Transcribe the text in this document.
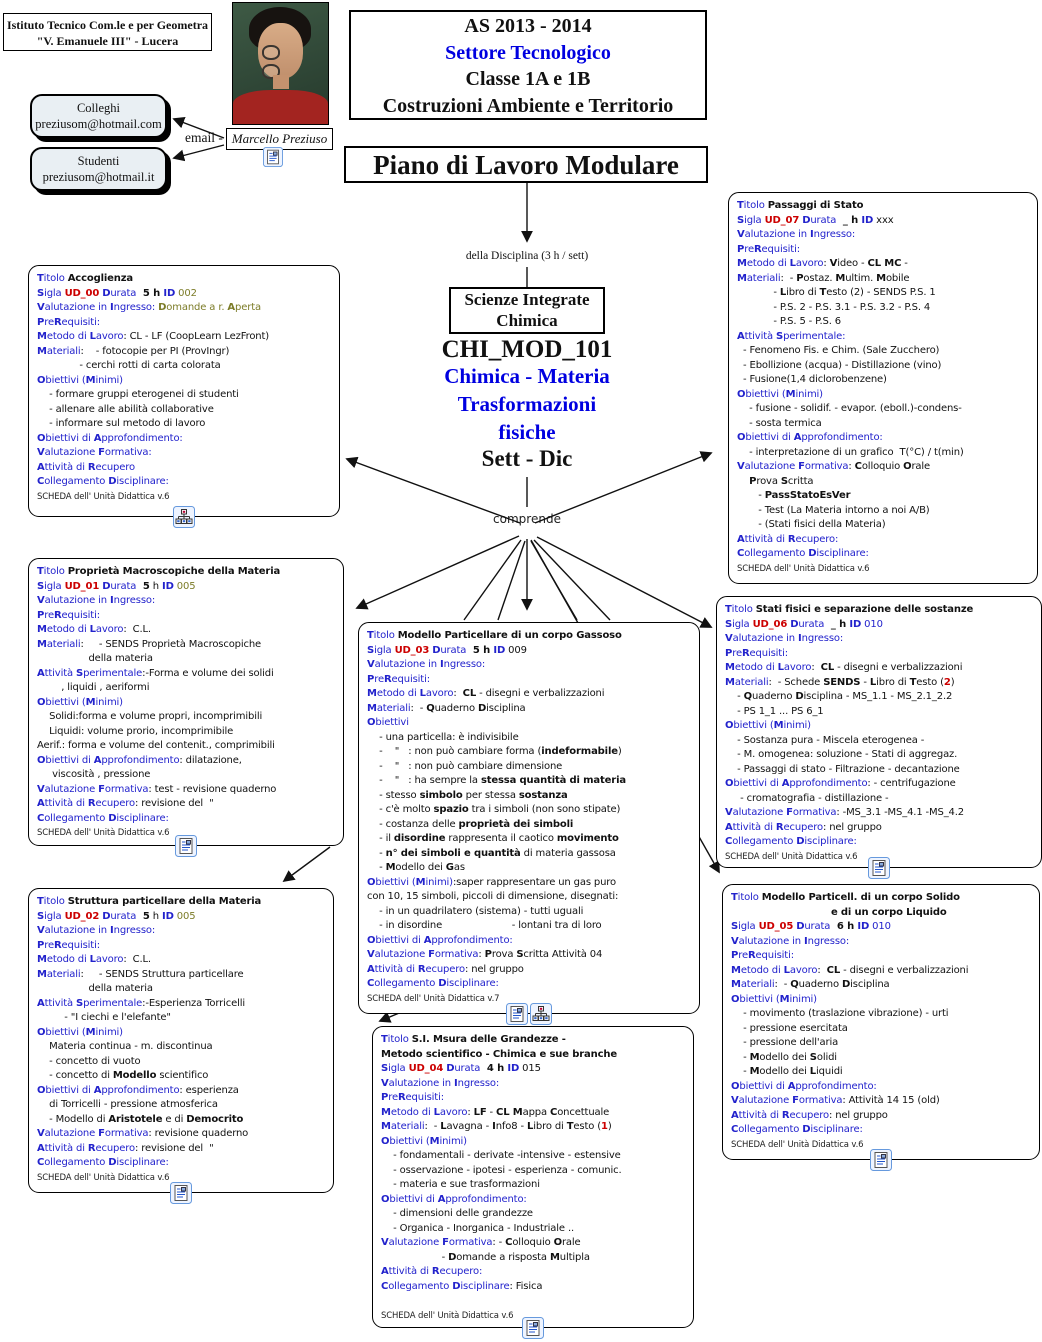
Istituto Tecnico Com.le e per Geometra
"V. Emanuele III" - Lucera
Colleghi
preziusom@hotmail.com
Studenti
preziusom@hotmail.it
email - Marcello Preziuso
AS 2013 - 2014
Settore Tecnologico
Classe 1A e 1B
Costruzioni Ambiente e Territorio
Piano di Lavoro Modulare
della Disciplina (3 h / sett)
Scienze Integrate
Chimica
CHI_MOD_101
Chimica - Materia
Trasformazioni
fisiche
Sett - Dic
comprende
Titolo Accoglienza
Sigla UD_00 Durata  5 h ID 002
Valutazione in Ingresso: Domande a r. Aperta
PreRequisiti:
Metodo di Lavoro: CL - LF (CoopLearn LezFront)
Materiali:    - fotocopie per PI (ProvIngr)
- cerchi rotti di carta colorata
Obiettivi (Minimi)
- formare gruppi eterogenei di studenti
- allenare alle abilità collaborative
- informare sul metodo di lavoro
Obiettivi di Approfondimento:
Valutazione Formativa:
Attività di Recupero
Collegamento Disciplinare:
SCHEDA dell' Unità Didattica v.6
Titolo Proprietà Macroscopiche della Materia
Sigla UD_01 Durata  5 h ID 005
Valutazione in Ingresso:
PreRequisiti:
Metodo di Lavoro:  C.L.
Materiali:     - SENDS Proprietà Macroscopiche
della materia
Attività Sperimentale:-Forma e volume dei solidi
, liquidi , aeriformi
Obiettivi (Minimi)
Solidi:forma e volume propri, incomprimibili
Liquidi: volume prorio, incomprimibile
Aerif.: forma e volume del contenit., comprimibili
Obiettivi di Approfondimento: dilatazione,
viscosità , pressione
Valutazione Formativa: test - revisione quaderno
Attività di Recupero: revisione del  "
Collegamento Disciplinare:
SCHEDA dell' Unità Didattica v.6
Titolo Struttura particellare della Materia
Sigla UD_02 Durata  5 h ID 005
Valutazione in Ingresso:
PreRequisiti:
Metodo di Lavoro:  C.L.
Materiali:     - SENDS Struttura particellare
della materia
Attività Sperimentale:-Esperienza Torricelli
- "I ciechi e l'elefante"
Obiettivi (Minimi)
Materia continua - m. discontinua
- concetto di vuoto
- concetto di Modello scientifico
Obiettivi di Approfondimento: esperienza
di Torricelli - pressione atmosferica
- Modello di Aristotele e di Democrito
Valutazione Formativa: revisione quaderno
Attività di Recupero: revisione del  "
Collegamento Disciplinare:
SCHEDA dell' Unità Didattica v.6
Titolo Modello Particellare di un corpo Gassoso
Sigla UD_03 Durata  5 h ID 009
Valutazione in Ingresso:
PreRequisiti:
Metodo di Lavoro:  CL - disegni e verbalizzazioni
Materiali:  - Quaderno Disciplina
Obiettivi
- una particella: è indivisibile
-    "   : non può cambiare forma (indeformabile)
-    "   : non può cambiare dimensione
-    "   : ha sempre la stessa quantità di materia
- stesso simbolo per stessa sostanza
- c'è molto spazio tra i simboli (non sono stipate)
- costanza delle proprietà dei simboli
- il disordine rappresenta il caotico movimento
- n° dei simboli e quantità di materia gassosa
- Modello dei Gas
Obiettivi (Minimi):saper rappresentare un gas puro
con 10, 15 simboli, piccoli di dimensione, disegnati:
- in un quadrilatero (sistema) - tutti uguali
- in disordine                       - lontani tra di loro
Obiettivi di Approfondimento:
Valutazione Formativa: Prova Scritta Attività 04
Attività di Recupero: nel gruppo
Collegamento Disciplinare:
SCHEDA dell' Unità Didattica v.7
Titolo Passaggi di Stato
Sigla UD_07 Durata  _ h ID xxx
Valutazione in Ingresso:
PreRequisiti:
Metodo di Lavoro: Video - CL MC -
Materiali:  - Postaz. Multim. Mobile
- Libro di Testo (2) - SENDS P.S. 1
- P.S. 2 - P.S. 3.1 - P.S. 3.2 - P.S. 4
- P.S. 5 - P.S. 6
Attività Sperimentale:
- Fenomeno Fis. e Chim. (Sale Zucchero)
- Ebollizione (acqua) - Distillazione (vino)
- Fusione(1,4 diclorobenzene)
Obiettivi (Minimi)
- fusione - solidif. - evapor. (eboll.)-condens-
- sosta termica
Obiettivi di Approfondimento:
- interpretazione di un grafico  T(°C) / t(min)
Valutazione Formativa: Colloquio Orale
Prova Scritta
- PassStatoEsVer
- Test (La Materia intorno a noi A/B)
- (Stati fisici della Materia)
Attività di Recupero:
Collegamento Disciplinare:
SCHEDA dell' Unità Didattica v.6
Titolo Stati fisici e separazione delle sostanze
Sigla UD_06 Durata  _ h ID 010
Valutazione in Ingresso:
PreRequisiti:
Metodo di Lavoro:  CL - disegni e verbalizzazioni
Materiali:  - Schede SENDS - Libro di Testo (2)
- Quaderno Disciplina - MS_1.1 - MS_2.1_2.2
- PS 1_1 ... PS 6_1
Obiettivi (Minimi)
- Sostanza pura - Miscela eterogenea -
- M. omogenea: soluzione - Stati di aggregaz.
- Passaggi di stato - Filtrazione - decantazione
Obiettivi di Approfondimento: - centrifugazione
- cromatografia - distillazione -
Valutazione Formativa: -MS_3.1 -MS_4.1 -MS_4.2
Attività di Recupero: nel gruppo
Collegamento Disciplinare:
SCHEDA dell' Unità Didattica v.6
Titolo Modello Particell. di un corpo Solido
e di un corpo Liquido
Sigla UD_05 Durata  6 h ID 010
Valutazione in Ingresso:
PreRequisiti:
Metodo di Lavoro:  CL - disegni e verbalizzazioni
Materiali:  - Quaderno Disciplina
Obiettivi (Minimi)
- movimento (traslazione vibrazione) - urti
- pressione esercitata
- pressione dell'aria
- Modello dei Solidi
- Modello dei Liquidi
Obiettivi di Approfondimento:
Valutazione Formativa: Attività 14 15 (old)
Attività di Recupero: nel gruppo
Collegamento Disciplinare:
SCHEDA dell' Unità Didattica v.6
Titolo S.I. Msura delle Grandezze -
Metodo scientifico - Chimica e sue branche
Sigla UD_04 Durata  4 h ID 015
Valutazione in Ingresso:
PreRequisiti:
Metodo di Lavoro: LF - CL Mappa Concettuale
Materiali:  - Lavagna - Info8 - Libro di Testo (1)
Obiettivi (Minimi)
- fondamentali - derivate -intensive - estensive
- osservazione - ipotesi - esperienza - comunic.
- materia e sue trasformazioni
Obiettivi di Approfondimento:
- dimensioni delle grandezze
- Organica - Inorganica - Industriale ..
Valutazione Formativa: - Colloquio Orale
- Domande a risposta Multipla
Attività di Recupero:
Collegamento Disciplinare: Fisica
SCHEDA dell' Unità Didattica v.6
